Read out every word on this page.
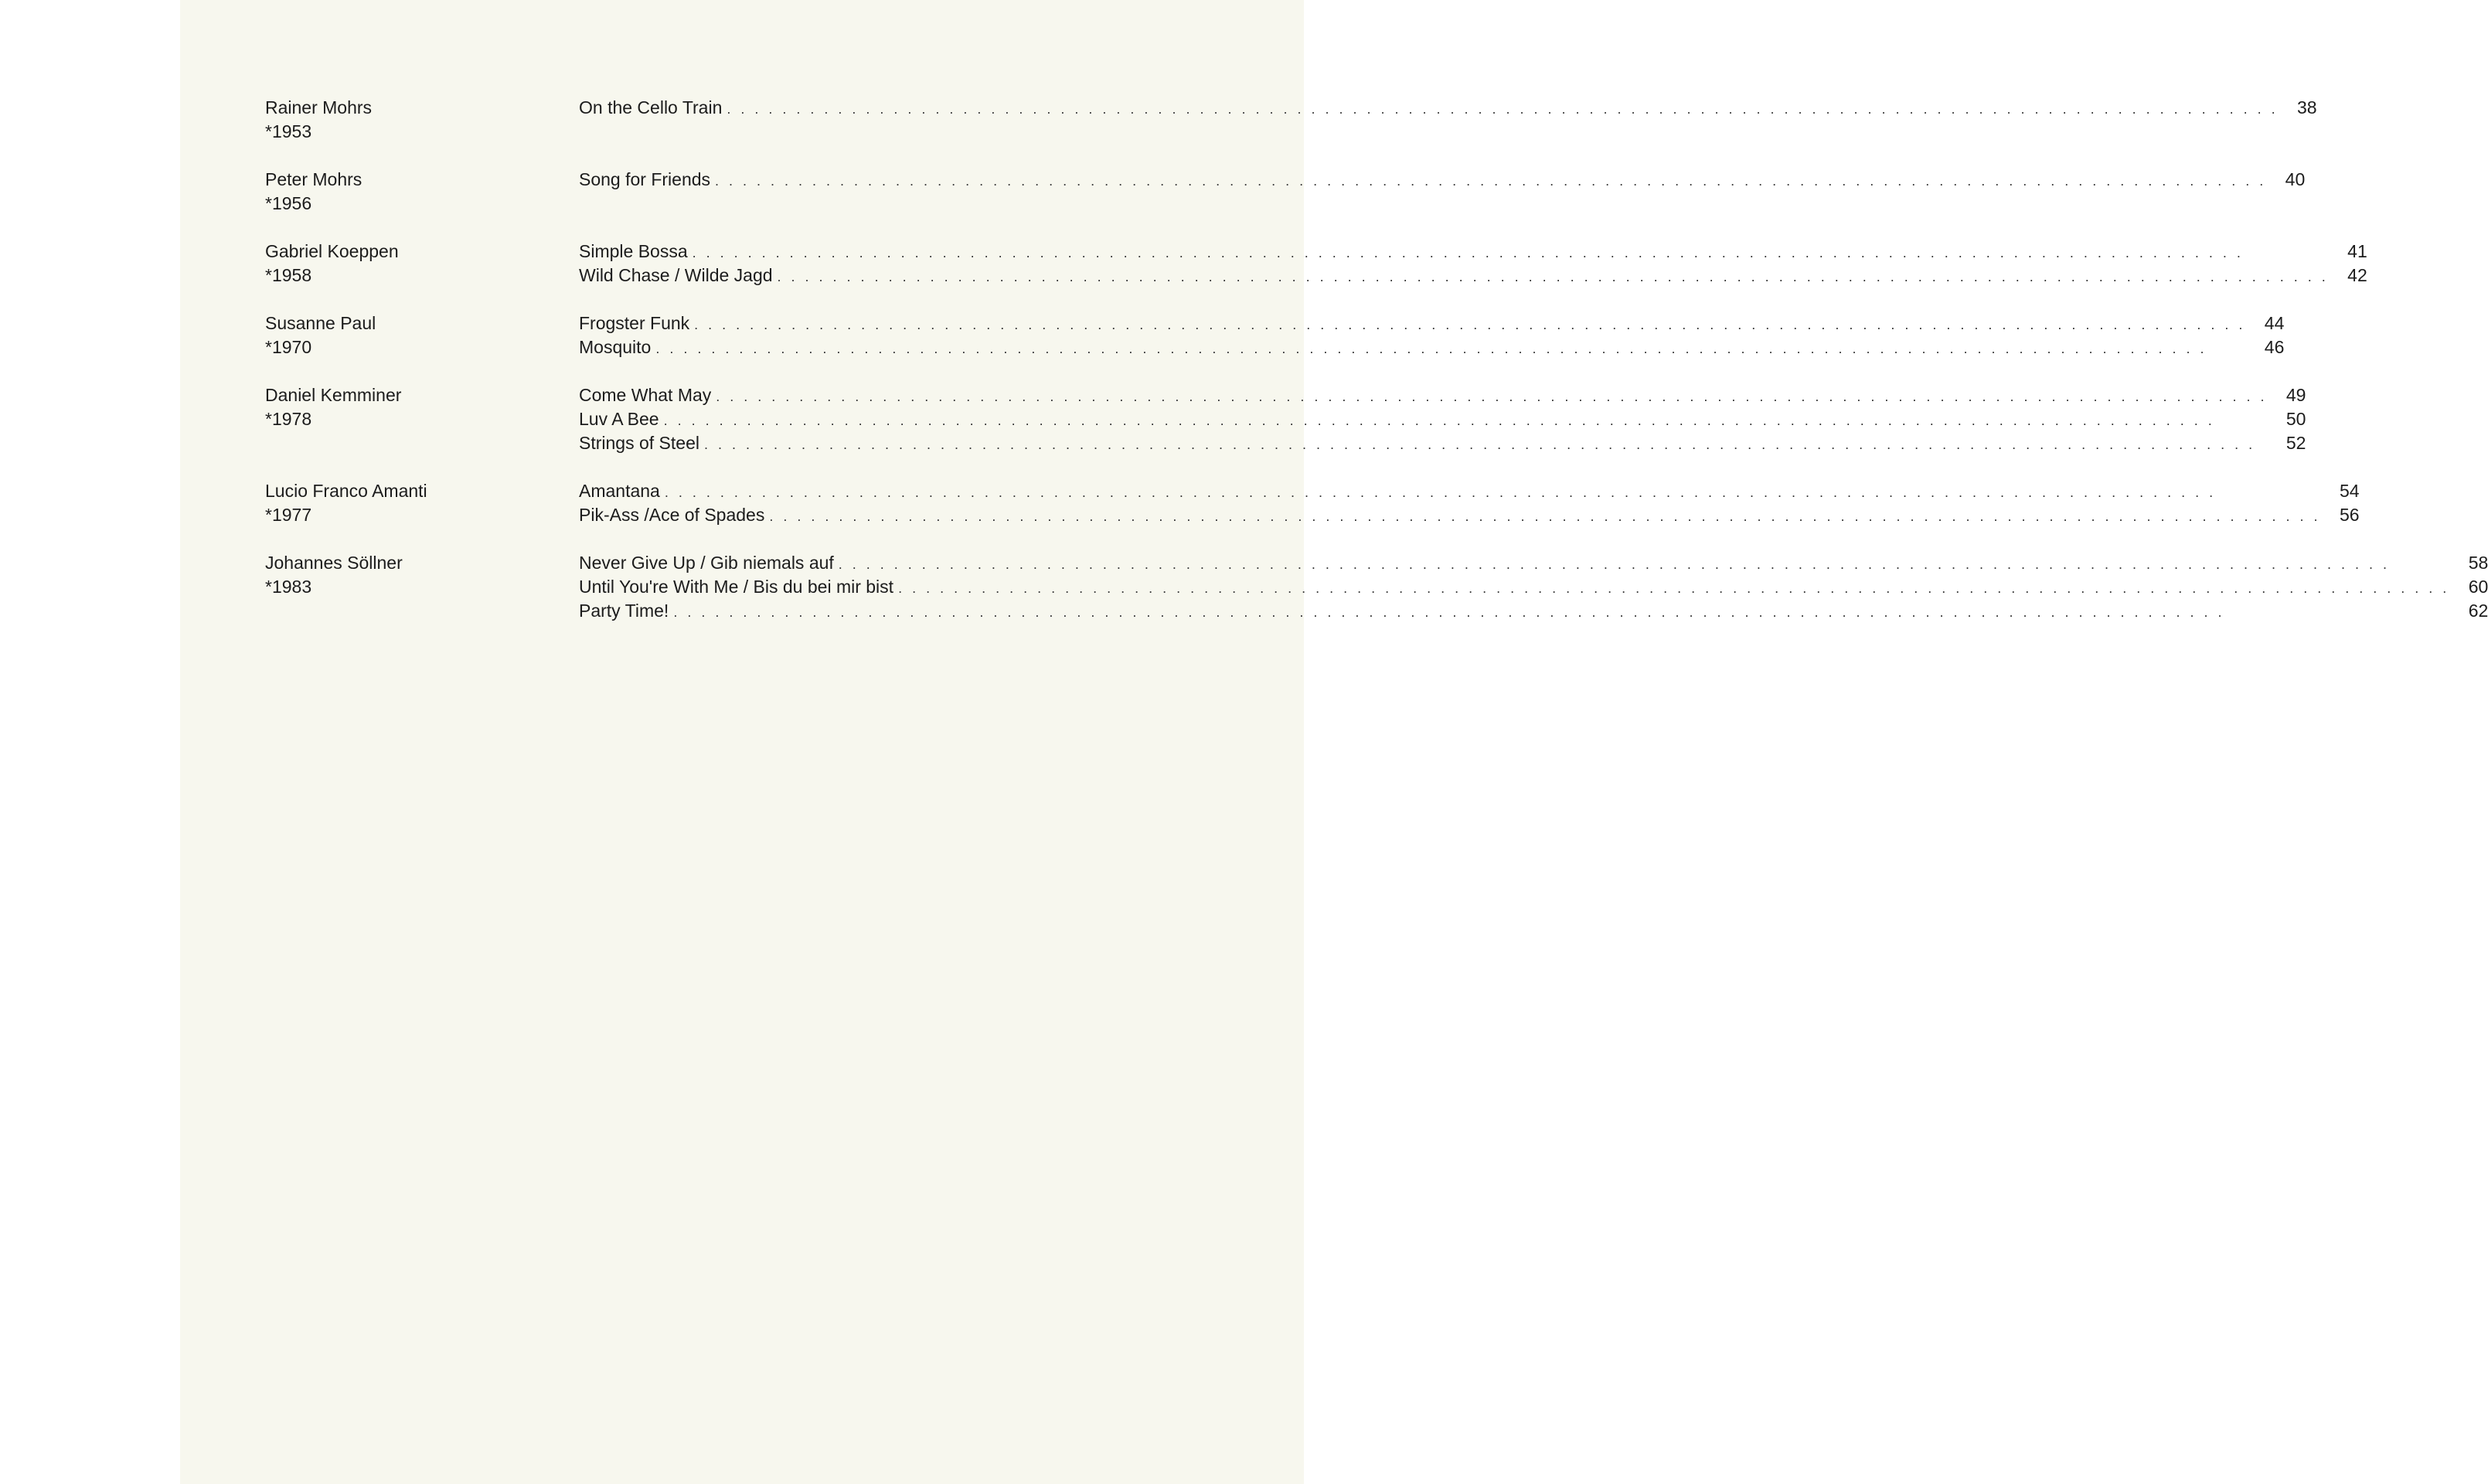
Rainer Mohrs
*1953
On the Cello Train . . .	38
Peter Mohrs
*1956
Song for Friends . . .	40
Gabriel Koeppen
*1958
Simple Bossa . . .	41
Wild Chase / Wilde Jagd . . .	42
Susanne Paul
*1970
Frogster Funk . . .	44
Mosquito . . .	46
Daniel Kemminer
*1978
Come What May . . .	49
Luv A Bee . . .	50
Strings of Steel . . .	52
Lucio Franco Amanti
*1977
Amantana . . .	54
Pik-Ass /Ace of Spades . . .	56
Johannes Söllner
*1983
Never Give Up / Gib niemals auf . . .	58
Until You're With Me / Bis du bei mir bist . . .	60
Party Time! . . .	62
